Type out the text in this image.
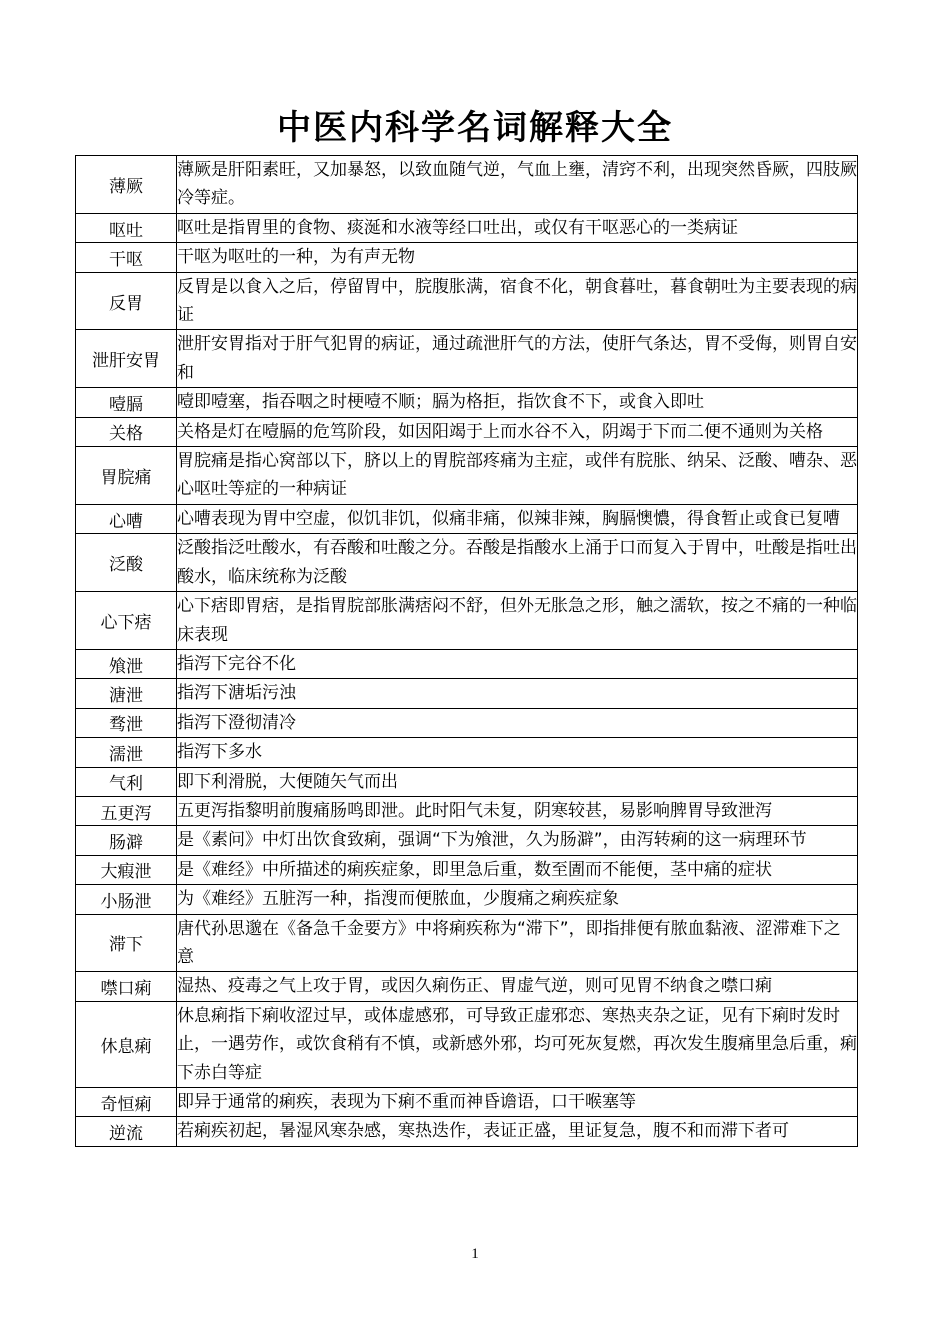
中医内科学名词解释大全
薄厥	薄厥是肝阳素旺，又加暴怒，以致血随气逆，气血上壅，清窍不利，出现突然昏厥，四肢厥冷等症。
呕吐	呕吐是指胃里的食物、痰涎和水液等经口吐出，或仅有干呕恶心的一类病证
干呕	干呕为呕吐的一种，为有声无物
反胃	反胃是以食入之后，停留胃中，脘腹胀满，宿食不化，朝食暮吐，暮食朝吐为主要表现的病证
泄肝安胃	泄肝安胃指对于肝气犯胃的病证，通过疏泄肝气的方法，使肝气条达，胃不受侮，则胃自安和
噎膈	噎即噎塞，指吞咽之时梗噎不顺；膈为格拒，指饮食不下，或食入即吐
关格	关格是灯在噎膈的危笃阶段，如因阳竭于上而水谷不入，阴竭于下而二便不通则为关格
胃脘痛	胃脘痛是指心窝部以下，脐以上的胃脘部疼痛为主症，或伴有脘胀、纳呆、泛酸、嘈杂、恶心呕吐等症的一种病证
心嘈	心嘈表现为胃中空虚，似饥非饥，似痛非痛，似辣非辣，胸膈懊憹，得食暂止或食已复嘈
泛酸	泛酸指泛吐酸水，有吞酸和吐酸之分。吞酸是指酸水上涌于口而复入于胃中，吐酸是指吐出酸水，临床统称为泛酸
心下痞	心下痞即胃痞，是指胃脘部胀满痞闷不舒，但外无胀急之形，触之濡软，按之不痛的一种临床表现
飧泄	指泻下完谷不化
溏泄	指泻下溏垢污浊
骛泄	指泻下澄彻清冷
濡泄	指泻下多水
气利	即下利滑脱，大便随矢气而出
五更泻	五更泻指黎明前腹痛肠鸣即泄。此时阳气未复，阴寒较甚，易影响脾胃导致泄泻
肠澼	是《素问》中灯出饮食致痢，强调“下为飧泄，久为肠澼”，由泻转痢的这一病理环节
大瘕泄	是《难经》中所描述的痢疾症象，即里急后重，数至圊而不能便，茎中痛的症状
小肠泄	为《难经》五脏泻一种，指溲而便脓血，少腹痛之痢疾症象
滞下	唐代孙思邈在《备急千金要方》中将痢疾称为“滞下”，即指排便有脓血黏液、涩滞难下之意
噤口痢	湿热、疫毒之气上攻于胃，或因久痢伤正、胃虚气逆，则可见胃不纳食之噤口痢
休息痢	休息痢指下痢收涩过早，或体虚感邪，可导致正虚邪恋、寒热夹杂之证，见有下痢时发时止，一遇劳作，或饮食稍有不慎，或新感外邪，均可死灰复燃，再次发生腹痛里急后重，痢下赤白等症
奇恒痢	即异于通常的痢疾，表现为下痢不重而神昏谵语，口干喉塞等
逆流	若痢疾初起，暑湿风寒杂感，寒热迭作，表证正盛，里证复急，腹不和而滞下者可
1
